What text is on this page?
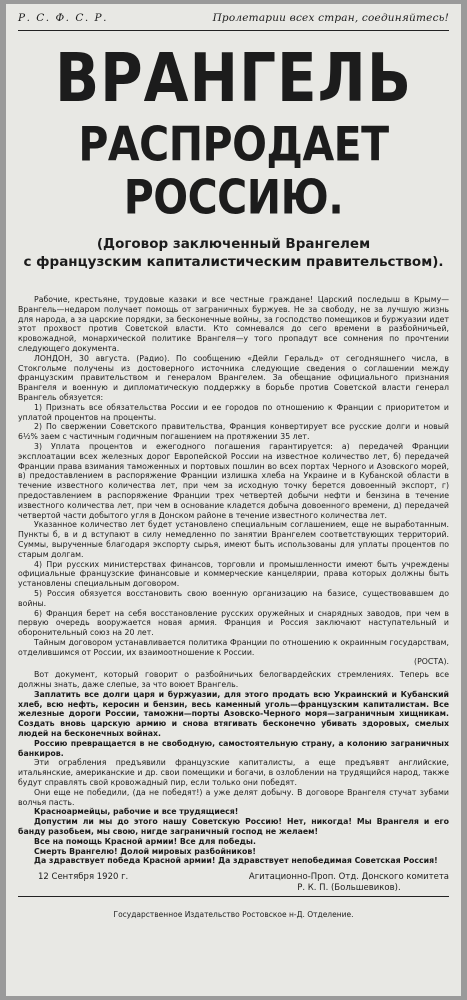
Р. С. Ф. С. Р.	Пролетарии всех стран, соединяйтесь!
ВРАНГЕЛЬ
РАСПРОДАЕТ РОССИЮ.
(Договор заключенный Врангелем
с французским капиталистическим правительством).

Рабочие, крестьяне, трудовые казаки и все честные граждане! Царский последыш в Крыму—Врангель—недаром получает помощь от заграничных буржуев. Не за свободу, не за лучшую жизнь для народа, а за царские порядки, за бесконечные войны, за господство помещиков и буржуазии идет этот прохвост против Советской власти. Кто сомневался до сего времени в разбойничьей, кровожадной, монархической политике Врангеля—у того пропадут все сомнения по прочтении следующего документа.

ЛОНДОН, 30 августа. (Радио). По сообщению «Дейли Геральд» от сегодняшнего числа, в Стокгольме получены из достоверного источника следующие сведения о соглашении между французским правительством и генералом Врангелем. За обещание официального признания Врангеля и военную и дипломатическую поддержку в борьбе против Советской власти генерал Врангель обязуется:

1) Признать все обязательства России и ее городов по отношению к Франции с приоритетом и уплатой процентов на проценты.

2) По свержении Советского правительства, Франция конвертирует все русские долги и новый 6½% заем с частичным годичным погашением на протяжении 35 лет.

3) Уплата процентов и ежегодного погашения гарантируется: а) передачей Франции эксплоатации всех железных дорог Европейской России на известное количество лет, б) передачей Франции права взимания таможенных и портовых пошлин во всех портах Черного и Азовского морей, в) предоставлением в распоряжение Франции излишка хлеба на Украине и в Кубанской области в течение известного количества лет, при чем за исходную точку берется довоенный экспорт, г) предоставлением в распоряжение Франции трех четвертей добычи нефти и бензина в течение известного количества лет, при чем в основание кладется добыча довоенного времени, д) передачей четвертой части добытого угля в Донском районе в течение известного количества лет.

Указанное количество лет будет установлено специальным соглашением, еще не выработанным. Пункты б, в и д вступают в силу немедленно по занятии Врангелем соответствующих территорий. Суммы, вырученные благодаря экспорту сырья, имеют быть использованы для уплаты процентов по старым долгам.

4) При русских министерствах финансов, торговли и промышленности имеют быть учреждены официальные французские финансовые и коммерческие канцелярии, права которых должны быть установлены специальным договором.

5) Россия обязуется восстановить свою военную организацию на базисе, существовавшем до войны.

6) Франция берет на себя восстановление русских оружейных и снарядных заводов, при чем в первую очередь вооружается новая армия. Франция и Россия заключают наступательный и оборонительный союз на 20 лет.

Тайным договором устанавливается политика Франции по отношению к окраинным государствам, отделившимся от России, их взаимоотношение к России.

(РОСТА).

Вот документ, который говорит о разбойничьих белогвардейских стремлениях. Теперь все должны знать, даже слепые, за что воюет Врангель.

Заплатить все долги царя и буржуазии, для этого продать всю Украинский и Кубанский хлеб, всю нефть, керосин и бензин, весь каменный уголь—французским капиталистам. Все железные дороги России, таможни—порты Азовско-Черного моря—заграничным хищникам. Создать вновь царскую армию и снова втягивать бесконечно убивать здоровых, смелых людей на бесконечных войнах.

Россию превращается в не свободную, самостоятельную страну, а колонию заграничных банкиров.

Эти ограбления предъявили французские капиталисты, а еще предъявят английские, итальянские, американские и др. свои помещики и богачи, в озлоблении на трудящийся народ, также будут справлять свой кровожадный пир, если только они победят.

Они еще не победили, (да не победят!) а уже делят добычу. В договоре Врангеля стучат зубами волчья пасть.

Красноармейцы, рабочие и все трудящиеся!

Допустим ли мы до этого нашу Советскую Россию! Нет, никогда! Мы Врангеля и его банду разобьем, мы свою, нигде заграничный господ не желаем!

Все на помощь Красной армии! Все для победы.

Смерть Врангелю! Долой мировых разбойников!

Да здравствует победа Красной армии! Да здравствует непобедимая Советская Россия!

12 Сентября 1920 г.	Агитационно-Проп. Отд. Донского комитета
Р. К. П. (Большевиков).
Государственное Издательство Ростовское н-Д. Отделение.
